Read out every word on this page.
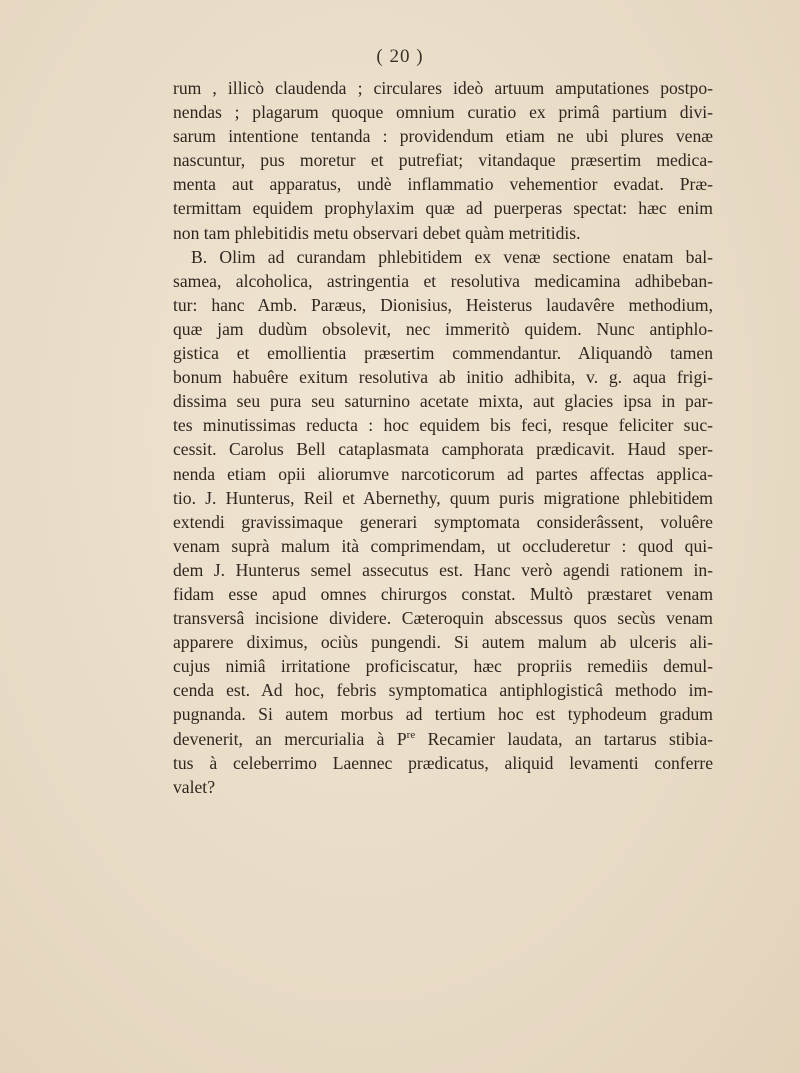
( 20 )
rum , illicò claudenda ; circulares ideò artuum amputationes postpo-
nendas ; plagarum quoque omnium curatio ex primâ partium divi-
sarum intentione tentanda : providendum etiam ne ubi plures venæ
nascuntur, pus moretur et putrefiat; vitandaque præsertim medica-
menta aut apparatus, undè inflammatio vehementior evadat. Præ-
termittam equidem prophylaxim quæ ad puerperas spectat: hæc enim
non tam phlebitidis metu observari debet quàm metritidis.
B. Olim ad curandam phlebitidem ex venæ sectione enatam bal-
samea, alcoholica, astringentia et resolutiva medicamina adhibeban-
tur: hanc Amb. Paræus, Dionisius, Heisterus laudavêre methodium,
quæ jam dudùm obsolevit, nec immeritò quidem. Nunc antiphlo-
gistica et emollientia præsertim commendantur. Aliquandò tamen
bonum habuêre exitum resolutiva ab initio adhibita, v. g. aqua frigi-
dissima seu pura seu saturnino acetate mixta, aut glacies ipsa in par-
tes minutissimas reducta : hoc equidem bis feci, resque feliciter suc-
cessit. Carolus Bell cataplasmata camphorata prædicavit. Haud sper-
nenda etiam opii aliorumve narcoticorum ad partes affectas applica-
tio. J. Hunterus, Reil et Abernethy, quum puris migratione phlebitidem
extendi gravissimaque generari symptomata considerâssent, voluêre
venam suprà malum ità comprimendam, ut occluderetur : quod qui-
dem J. Hunterus semel assecutus est. Hanc verò agendi rationem in-
fidam esse apud omnes chirurgos constat. Multò præstaret venam
transversâ incisione dividere. Cæteroquin abscessus quos secùs venam
apparere diximus, ociùs pungendi. Si autem malum ab ulceris ali-
cujus nimiâ irritatione proficiscatur, hæc propriis remediis demul-
cenda est. Ad hoc, febris symptomatica antiphlogisticâ methodo im-
pugnanda. Si autem morbus ad tertium hoc est typhodeum gradum
devenerit, an mercurialia à $P^{re}$ Recamier laudata, an tartarus stibia-
tus à celeberrimo Laennec prædicatus, aliquid levamenti conferre
valet?
